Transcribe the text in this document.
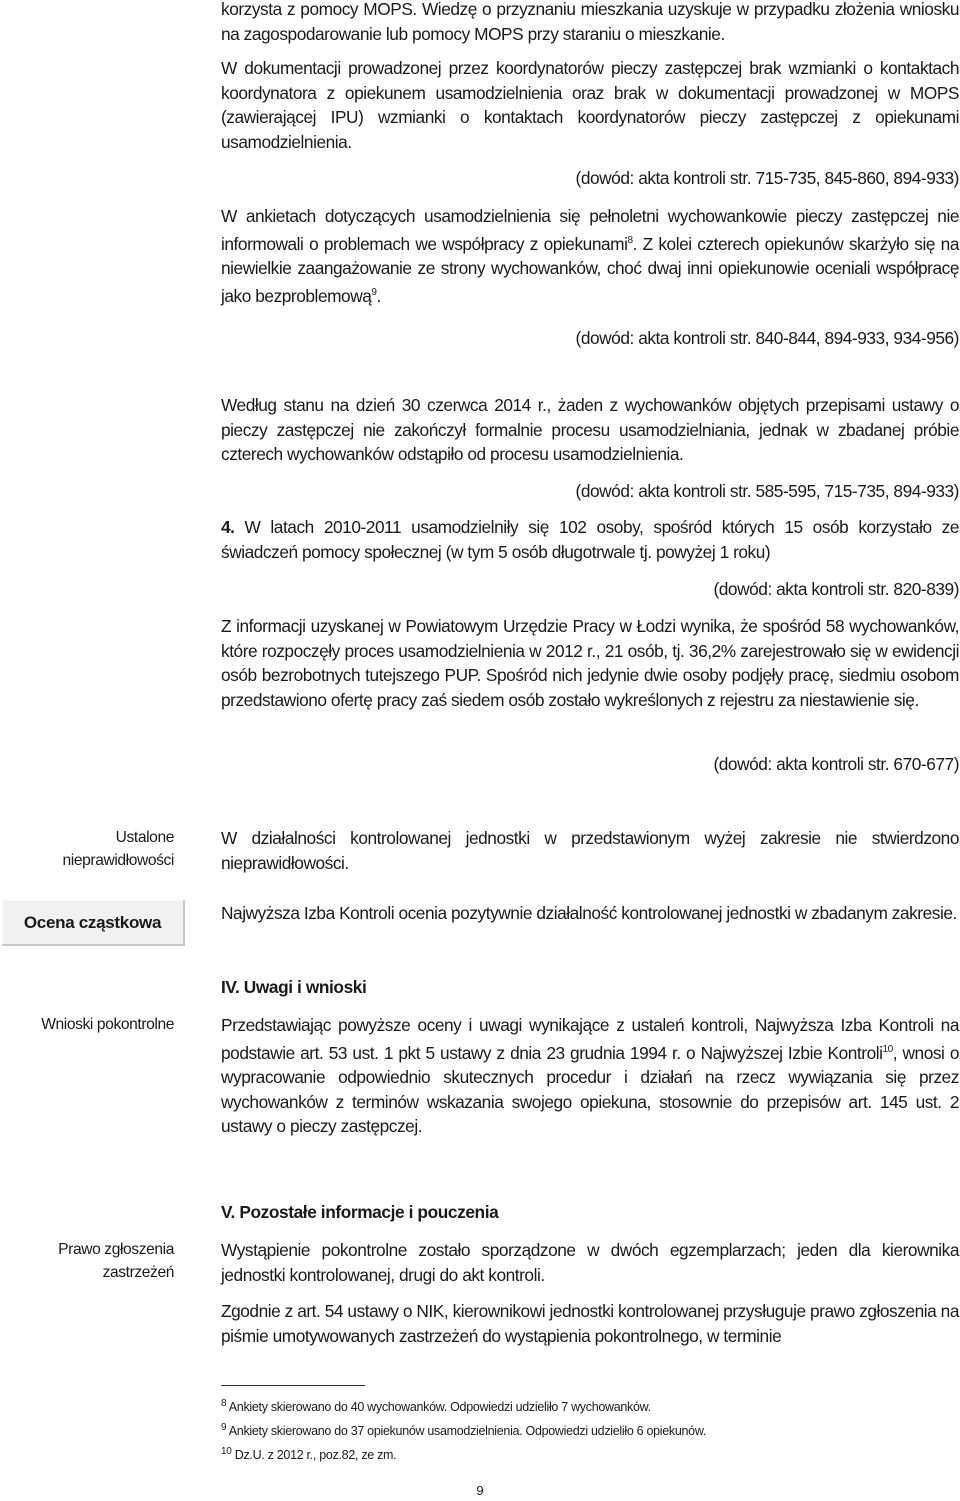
korzysta z pomocy MOPS. Wiedzę o przyznaniu mieszkania uzyskuje w przypadku złożenia wniosku na zagospodarowanie lub pomocy MOPS przy staraniu o mieszkanie.

W dokumentacji prowadzonej przez koordynatorów pieczy zastępczej brak wzmianki o kontaktach koordynatora z opiekunem usamodzielnienia oraz brak w dokumentacji prowadzonej w MOPS (zawierającej IPU) wzmianki o kontaktach koordynatorów pieczy zastępczej z opiekunami usamodzielnienia.

(dowód: akta kontroli str. 715-735, 845-860, 894-933)

W ankietach dotyczących usamodzielnienia się pełnoletni wychowankowie pieczy zastępczej nie informowali o problemach we współpracy z opiekunami$^8$. Z kolei czterech opiekunów skarżyło się na niewielkie zaangażowanie ze strony wychowanków, choć dwaj inni opiekunowie oceniali współpracę jako bezproblemową$^9$.

(dowód: akta kontroli str. 840-844, 894-933, 934-956)

Według stanu na dzień 30 czerwca 2014 r., żaden z wychowanków objętych przepisami ustawy o pieczy zastępczej nie zakończył formalnie procesu usamodzielniania, jednak w zbadanej próbie czterech wychowanków odstąpiło od procesu usamodzielnienia.

(dowód: akta kontroli str. 585-595, 715-735, 894-933)

4. W latach 2010-2011 usamodzielniły się 102 osoby, spośród których 15 osób korzystało ze świadczeń pomocy społecznej (w tym 5 osób długotrwale tj. powyżej 1 roku)

(dowód: akta kontroli str. 820-839)

Z informacji uzyskanej w Powiatowym Urzędzie Pracy w Łodzi wynika, że spośród 58 wychowanków, które rozpoczęły proces usamodzielnienia w 2012 r., 21 osób, tj. 36,2% zarejestrowało się w ewidencji osób bezrobotnych tutejszego PUP. Spośród nich jedynie dwie osoby podjęły pracę, siedmiu osobom przedstawiono ofertę pracy zaś siedem osób zostało wykreślonych z rejestru za niestawienie się.

(dowód: akta kontroli str. 670-677)

Ustalone
nieprawidłowości
Ocena cząstkowa
Wnioski pokontrolne
Prawo zgłoszenia
zastrzeżeń

W działalności kontrolowanej jednostki w przedstawionym wyżej zakresie nie stwierdzono nieprawidłowości.

Najwyższa Izba Kontroli ocenia pozytywnie działalność kontrolowanej jednostki w zbadanym zakresie.

IV. Uwagi i wnioski

Przedstawiając powyższe oceny i uwagi wynikające z ustaleń kontroli, Najwyższa Izba Kontroli na podstawie art. 53 ust. 1 pkt 5 ustawy z dnia 23 grudnia 1994 r. o Najwyższej Izbie Kontroli$^{10}$, wnosi o wypracowanie odpowiednio skutecznych procedur i działań na rzecz wywiązania się przez wychowanków z terminów wskazania swojego opiekuna, stosownie do przepisów art. 145 ust. 2 ustawy o pieczy zastępczej.

V. Pozostałe informacje i pouczenia

Wystąpienie pokontrolne zostało sporządzone w dwóch egzemplarzach; jeden dla kierownika jednostki kontrolowanej, drugi do akt kontroli.

Zgodnie z art. 54 ustawy o NIK, kierownikowi jednostki kontrolowanej przysługuje prawo zgłoszenia na piśmie umotywowanych zastrzeżeń do wystąpienia pokontrolnego, w terminie

$^8$ Ankiety skierowano do 40 wychowanków. Odpowiedzi udzieliło 7 wychowanków.
$^9$ Ankiety skierowano do 37 opiekunów usamodzielnienia. Odpowiedzi udzieliło 6 opiekunów.
$^{10}$ Dz.U. z 2012 r., poz.82, ze zm.
9
